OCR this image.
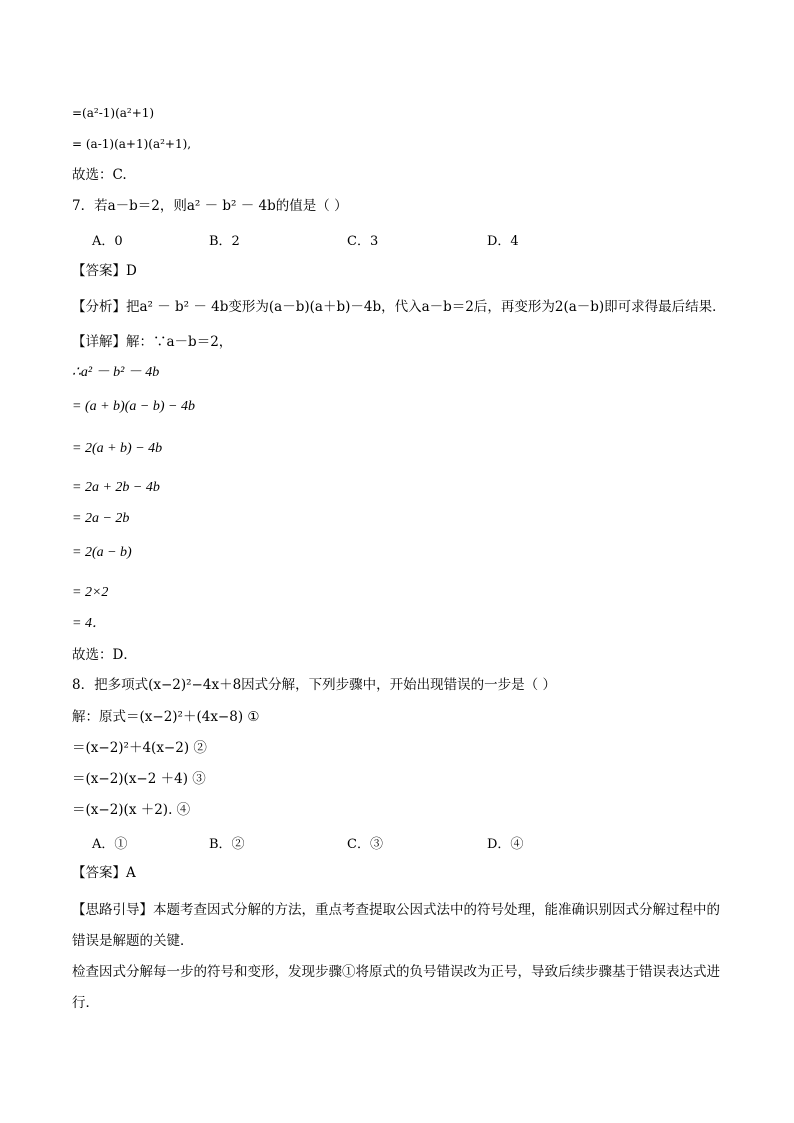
=(a²-1)(a²+1)
= (a-1)(a+1)(a²+1),
故选：C.
7．若a－b＝2，则a² － b² － 4b的值是（ ）
A．0	B．2	C．3	D．4
【答案】D
【分析】把a² － b² － 4b变形为(a－b)(a＋b)－4b，代入a－b＝2后，再变形为2(a－b)即可求得最后结果．
【详解】解：∵a－b＝2，
∴a² － b² － 4b
= (a + b)(a − b) − 4b
= 2(a + b) − 4b
= 2a + 2b − 4b
= 2a − 2b
= 2(a − b)
= 2×2
= 4．
故选：D．
8．把多项式(x−2)²−4x＋8因式分解，下列步骤中，开始出现错误的一步是（ ）
解：原式＝(x−2)²＋(4x−8) ①
＝(x−2)²＋4(x−2) ②
＝(x−2)(x−2 ＋4) ③
＝(x−2)(x ＋2). ④
A．①	B．②	C．③	D．④
【答案】A
【思路引导】本题考查因式分解的方法，重点考查提取公因式法中的符号处理，能准确识别因式分解过程中的错误是解题的关键．
检查因式分解每一步的符号和变形，发现步骤①将原式的负号错误改为正号，导致后续步骤基于错误表达式进行．
